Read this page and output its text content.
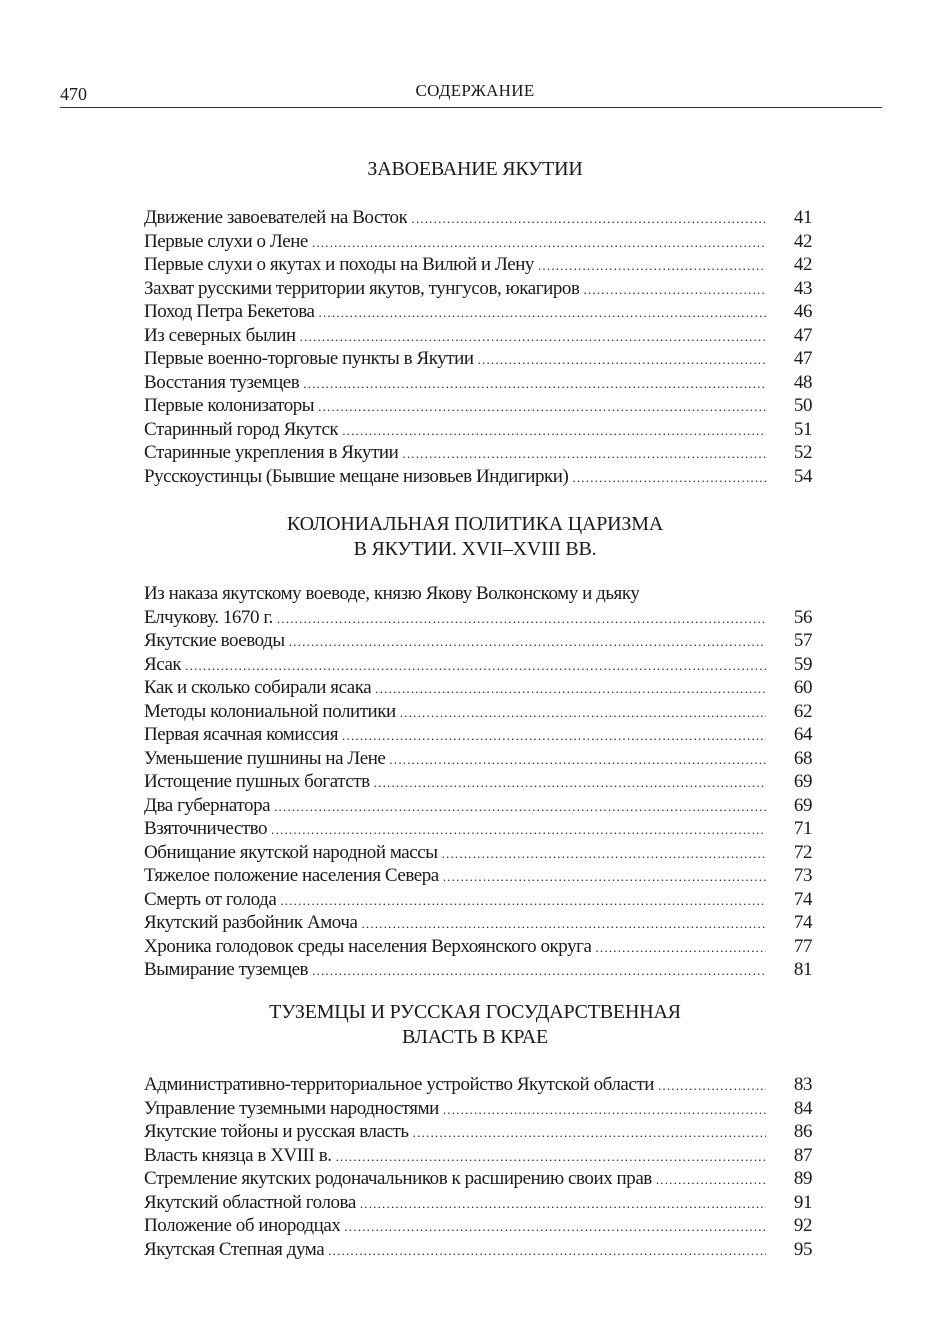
470	СОДЕРЖАНИЕ
ЗАВОЕВАНИЕ ЯКУТИИ
Движение завоевателей на Восток .....	41
Первые слухи о Лене .....	42
Первые слухи о якутах и походы на Вилюй и Лену .....	42
Захват русскими территории якутов, тунгусов, юкагиров .....	43
Поход Петра Бекетова .....	46
Из северных былин .....	47
Первые военно-торговые пункты в Якутии .....	47
Восстания туземцев .....	48
Первые колонизаторы .....	50
Старинный город Якутск .....	51
Старинные укрепления в Якутии .....	52
Русскоустинцы (Бывшие мещане низовьев Индигирки) .....	54
КОЛОНИАЛЬНАЯ ПОЛИТИКА ЦАРИЗМА
В ЯКУТИИ. XVII–XVIII ВВ.
Из наказа якутскому воеводе, князю Якову Волконскому и дьяку
Елчукову. 1670 г. .....	56
Якутские воеводы .....	57
Ясак .....	59
Как и сколько собирали ясака .....	60
Методы колониальной политики .....	62
Первая ясачная комиссия .....	64
Уменьшение пушнины на Лене .....	68
Истощение пушных богатств .....	69
Два губернатора .....	69
Взяточничество .....	71
Обнищание якутской народной массы .....	72
Тяжелое положение населения Севера .....	73
Смерть от голода .....	74
Якутский разбойник Амоча .....	74
Хроника голодовок среды населения Верхоянского округа .....	77
Вымирание туземцев .....	81
ТУЗЕМЦЫ И РУССКАЯ ГОСУДАРСТВЕННАЯ
ВЛАСТЬ В КРАЕ
Административно-территориальное устройство Якутской области .....	83
Управление туземными народностями .....	84
Якутские тойоны и русская власть .....	86
Власть князца в XVIII в. .....	87
Стремление якутских родоначальников к расширению своих прав .....	89
Якутский областной голова .....	91
Положение об инородцах .....	92
Якутская Степная дума .....	95
